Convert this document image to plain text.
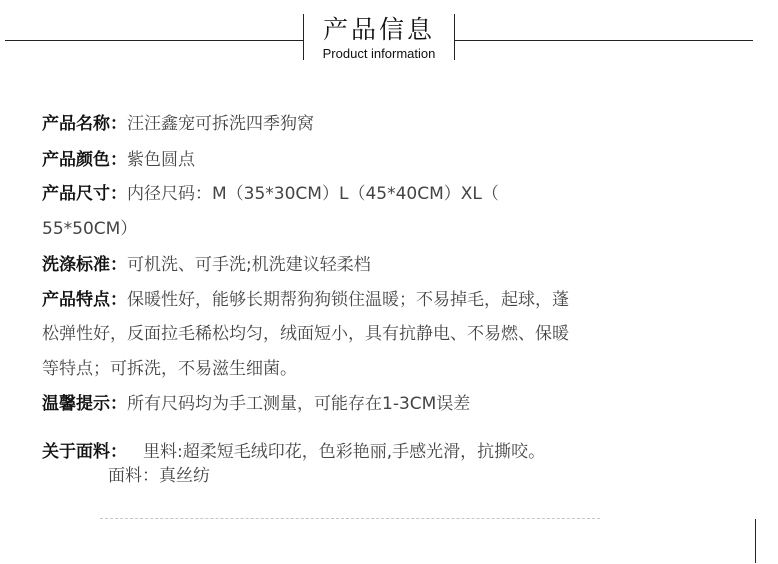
产品信息
Product information
产品名称：汪汪鑫宠可拆洗四季狗窝
产品颜色：紫色圆点
产品尺寸：内径尺码：M（35*30CM）L（45*40CM）XL（
55*50CM）
洗涤标准：可机洗、可手洗;机洗建议轻柔档
产品特点：保暖性好，能够长期帮狗狗锁住温暖；不易掉毛，起球，蓬
松弹性好，反面拉毛稀松均匀，绒面短小，具有抗静电、不易燃、保暖
等特点；可拆洗，不易滋生细菌。
温馨提示：所有尺码均为手工测量，可能存在1-3CM误差
关于面料： 里料:超柔短毛绒印花，色彩艳丽,手感光滑，抗撕咬。
面料：真丝纺
